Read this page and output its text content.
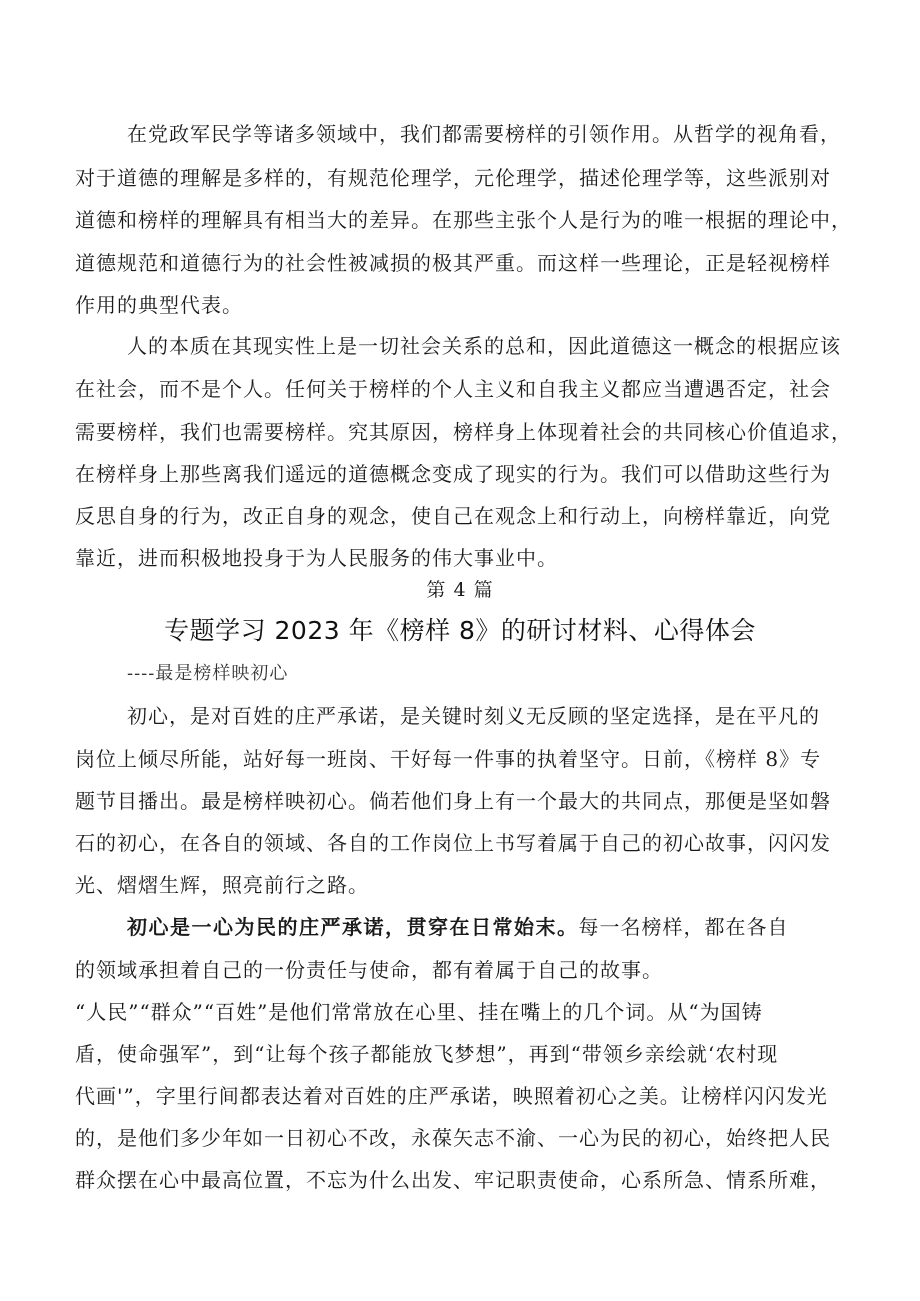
在党政军民学等诸多领域中，我们都需要榜样的引领作用。从哲学的视角看，

对于道德的理解是多样的，有规范伦理学，元伦理学，描述伦理学等，这些派别对

道德和榜样的理解具有相当大的差异。在那些主张个人是行为的唯一根据的理论中，

道德规范和道德行为的社会性被减损的极其严重。而这样一些理论，正是轻视榜样

作用的典型代表。

人的本质在其现实性上是一切社会关系的总和，因此道德这一概念的根据应该

在社会，而不是个人。任何关于榜样的个人主义和自我主义都应当遭遇否定，社会

需要榜样，我们也需要榜样。究其原因，榜样身上体现着社会的共同核心价值追求，

在榜样身上那些离我们遥远的道德概念变成了现实的行为。我们可以借助这些行为

反思自身的行为，改正自身的观念，使自己在观念上和行动上，向榜样靠近，向党

靠近，进而积极地投身于为人民服务的伟大事业中。

第 4 篇

专题学习 2023 年《榜样 8》的研讨材料、心得体会

----最是榜样映初心

初心，是对百姓的庄严承诺，是关键时刻义无反顾的坚定选择，是在平凡的

岗位上倾尽所能，站好每一班岗、干好每一件事的执着坚守。日前，《榜样 8》专

题节目播出。最是榜样映初心。倘若他们身上有一个最大的共同点，那便是坚如磐

石的初心，在各自的领域、各自的工作岗位上书写着属于自己的初心故事，闪闪发

光、熠熠生辉，照亮前行之路。

初心是一心为民的庄严承诺，贯穿在日常始末。每一名榜样，都在各自

的领域承担着自己的一份责任与使命，都有着属于自己的故事。

“人民”“群众”“百姓”是他们常常放在心里、挂在嘴上的几个词。从“为国铸

盾，使命强军”，到“让每个孩子都能放飞梦想”，再到“带领乡亲绘就‘农村现

代画'”，字里行间都表达着对百姓的庄严承诺，映照着初心之美。让榜样闪闪发光

的，是他们多少年如一日初心不改，永葆矢志不渝、一心为民的初心，始终把人民

群众摆在心中最高位置，不忘为什么出发、牢记职责使命，心系所急、情系所难，
